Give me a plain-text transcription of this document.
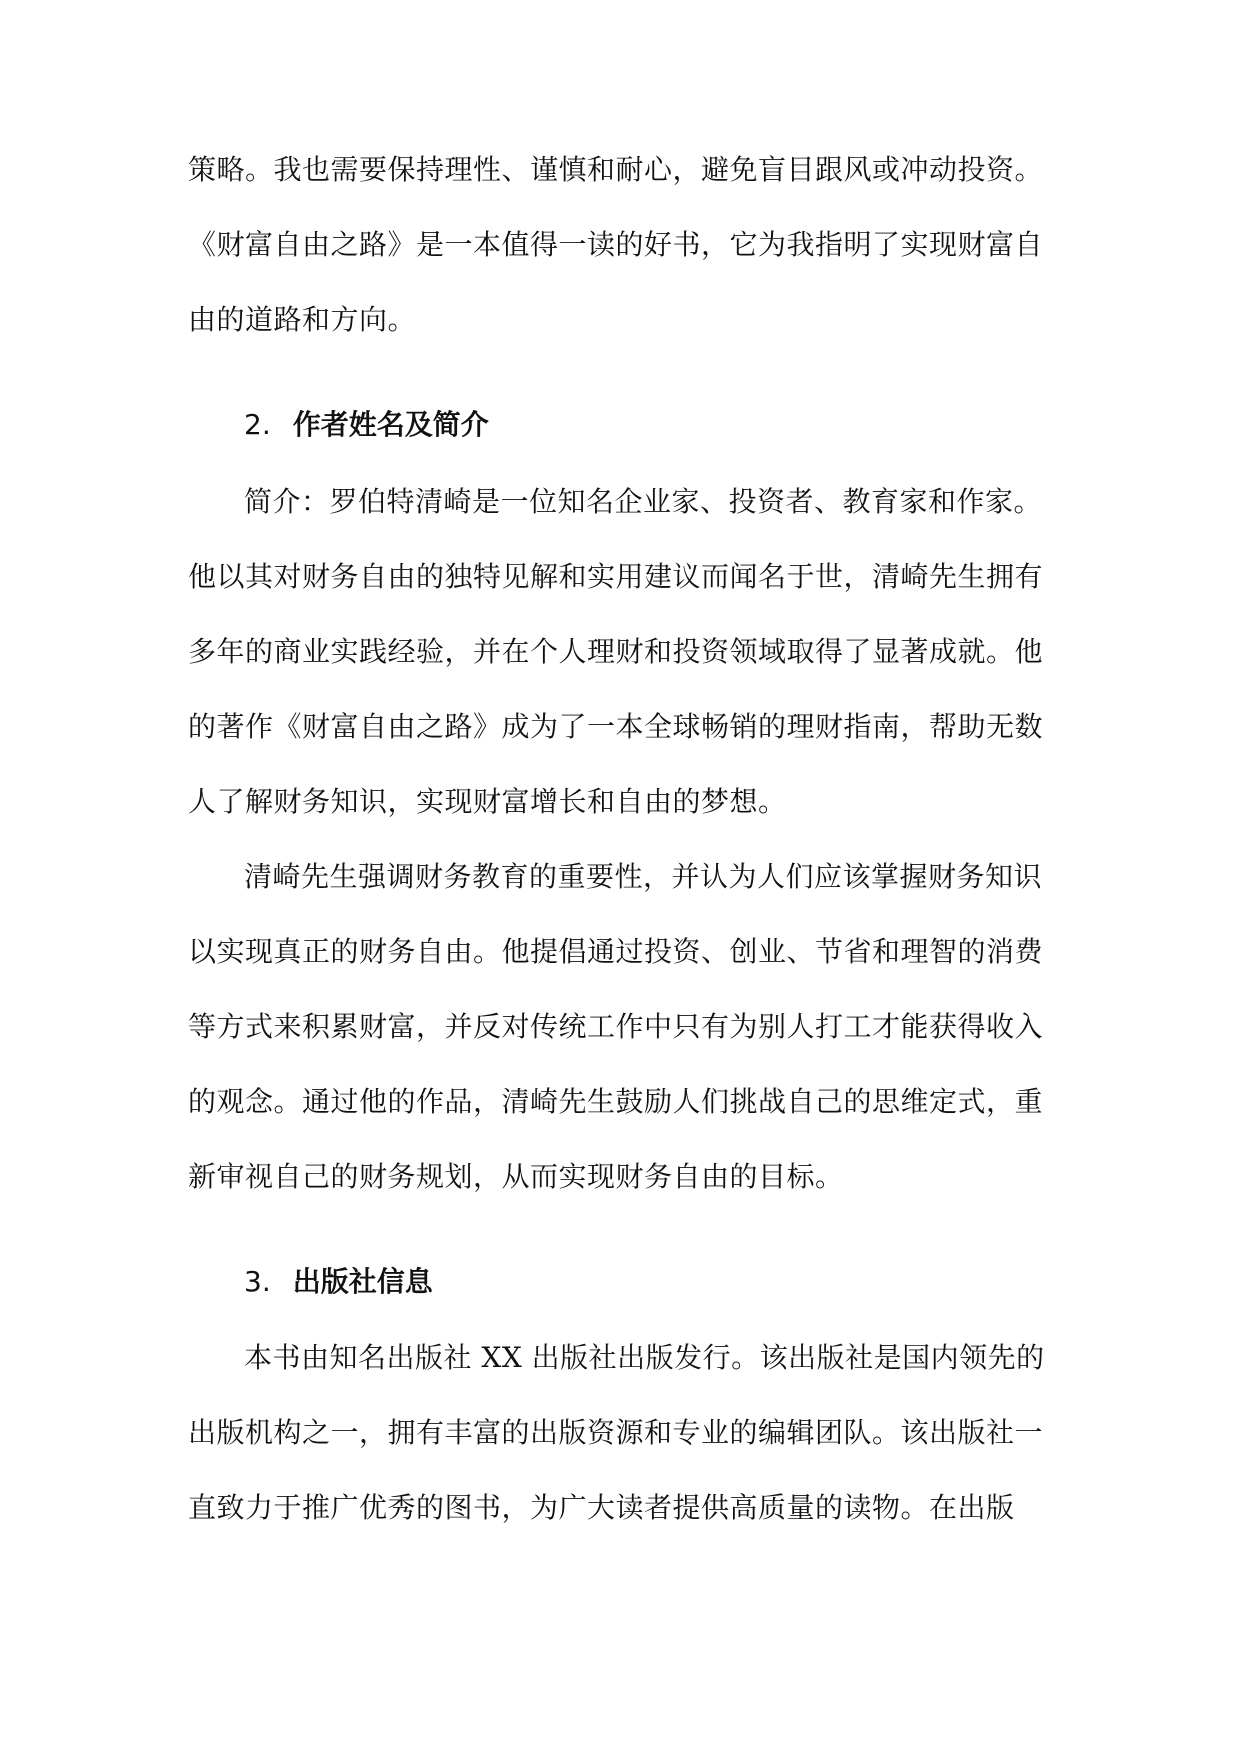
策略。我也需要保持理性、谨慎和耐心，避免盲目跟风或冲动投资。
《财富自由之路》是一本值得一读的好书，它为我指明了实现财富自
由的道路和方向。
2. 作者姓名及简介
简介：罗伯特清崎是一位知名企业家、投资者、教育家和作家。
他以其对财务自由的独特见解和实用建议而闻名于世，清崎先生拥有
多年的商业实践经验，并在个人理财和投资领域取得了显著成就。他
的著作《财富自由之路》成为了一本全球畅销的理财指南，帮助无数
人了解财务知识，实现财富增长和自由的梦想。
清崎先生强调财务教育的重要性，并认为人们应该掌握财务知识
以实现真正的财务自由。他提倡通过投资、创业、节省和理智的消费
等方式来积累财富，并反对传统工作中只有为别人打工才能获得收入
的观念。通过他的作品，清崎先生鼓励人们挑战自己的思维定式，重
新审视自己的财务规划，从而实现财务自由的目标。
3. 出版社信息
本书由知名出版社 XX 出版社出版发行。该出版社是国内领先的
出版机构之一，拥有丰富的出版资源和专业的编辑团队。该出版社一
直致力于推广优秀的图书，为广大读者提供高质量的读物。在出版
